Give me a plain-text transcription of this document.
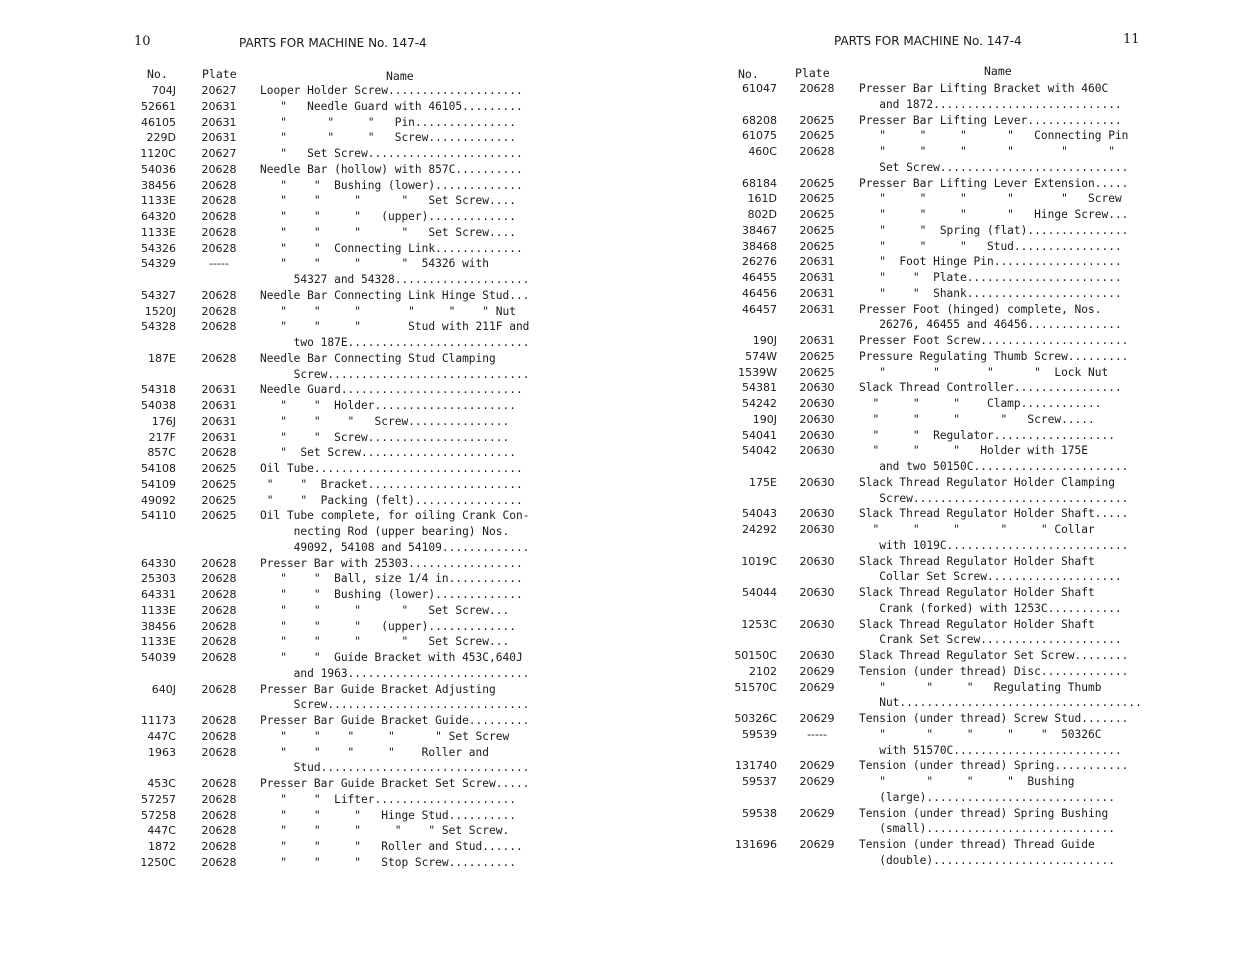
10	PARTS FOR MACHINE No. 147-4
No.	Plate	Name
704J	20627	Looper Holder Screw....................
52661	20631	"   Needle Guard with 46105.........
46105	20631	"      "     "   Pin...............
229D	20631	"      "     "   Screw.............
1120C	20627	"   Set Screw.......................
54036	20628	Needle Bar (hollow) with 857C..........
38456	20628	"    "  Bushing (lower).............
1133E	20628	"    "     "      "   Set Screw....
64320	20628	"    "     "   (upper).............
1133E	20628	"    "     "      "   Set Screw....
54326	20628	"    "  Connecting Link.............
54329	-----	"    "     "      "  54326 with
54327 and 54328....................
54327	20628	Needle Bar Connecting Link Hinge Stud...
1520J	20628	"    "     "       "     "    " Nut
54328	20628	"    "     "       Stud with 211F and
two 187E...........................
187E	20628	Needle Bar Connecting Stud Clamping
Screw..............................
54318	20631	Needle Guard...........................
54038	20631	"    "  Holder.....................
176J	20631	"    "    "   Screw...............
217F	20631	"    "  Screw.....................
857C	20628	"  Set Screw.......................
54108	20625	Oil Tube...............................
54109	20625	"    "  Bracket.......................
49092	20625	"    "  Packing (felt)................
54110	20625	Oil Tube complete, for oiling Crank Con-
necting Rod (upper bearing) Nos.
49092, 54108 and 54109.............
64330	20628	Presser Bar with 25303.................
25303	20628	"    "  Ball, size 1/4 in...........
64331	20628	"    "  Bushing (lower).............
1133E	20628	"    "     "      "   Set Screw...
38456	20628	"    "     "   (upper).............
1133E	20628	"    "     "      "   Set Screw...
54039	20628	"    "  Guide Bracket with 453C,640J
and 1963...........................
640J	20628	Presser Bar Guide Bracket Adjusting
Screw..............................
11173	20628	Presser Bar Guide Bracket Guide.........
447C	20628	"    "    "     "      " Set Screw
1963	20628	"    "    "     "    Roller and
Stud...............................
453C	20628	Presser Bar Guide Bracket Set Screw.....
57257	20628	"    "  Lifter.....................
57258	20628	"    "     "   Hinge Stud..........
447C	20628	"    "     "     "    " Set Screw.
1872	20628	"    "     "   Roller and Stud......
1250C	20628	"    "     "   Stop Screw..........
PARTS FOR MACHINE No. 147-4	11
No.	Plate	Name
61047	20628	Presser Bar Lifting Bracket with 460C
and 1872............................
68208	20625	Presser Bar Lifting Lever..............
61075	20625	"     "     "      "   Connecting Pin
460C	20628	"     "     "      "       "      "
Set Screw............................
68184	20625	Presser Bar Lifting Lever Extension.....
161D	20625	"     "     "      "       "   Screw
802D	20625	"     "     "      "   Hinge Screw...
38467	20625	"     "  Spring (flat)...............
38468	20625	"     "     "   Stud................
26276	20631	"  Foot Hinge Pin...................
46455	20631	"    "  Plate.......................
46456	20631	"    "  Shank.......................
46457	20631	Presser Foot (hinged) complete, Nos.
26276, 46455 and 46456..............
190J	20631	Presser Foot Screw......................
574W	20625	Pressure Regulating Thumb Screw.........
1539W	20625	"       "       "      "  Lock Nut
54381	20630	Slack Thread Controller................
54242	20630	"     "     "    Clamp............
190J	20630	"     "     "      "   Screw.....
54041	20630	"     "  Regulator..................
54042	20630	"     "     "   Holder with 175E
and two 50150C.......................
175E	20630	Slack Thread Regulator Holder Clamping
Screw................................
54043	20630	Slack Thread Regulator Holder Shaft.....
24292	20630	"     "     "      "     " Collar
with 1019C...........................
1019C	20630	Slack Thread Regulator Holder Shaft
Collar Set Screw....................
54044	20630	Slack Thread Regulator Holder Shaft
Crank (forked) with 1253C...........
1253C	20630	Slack Thread Regulator Holder Shaft
Crank Set Screw.....................
50150C	20630	Slack Thread Regulator Set Screw........
2102	20629	Tension (under thread) Disc.............
51570C	20629	"      "     "   Regulating Thumb
Nut....................................
50326C	20629	Tension (under thread) Screw Stud.......
59539	-----	"      "     "     "    "  50326C
with 51570C.........................
131740	20629	Tension (under thread) Spring...........
59537	20629	"      "     "     "  Bushing
(large)............................
59538	20629	Tension (under thread) Spring Bushing
(small)............................
131696	20629	Tension (under thread) Thread Guide
(double)...........................
